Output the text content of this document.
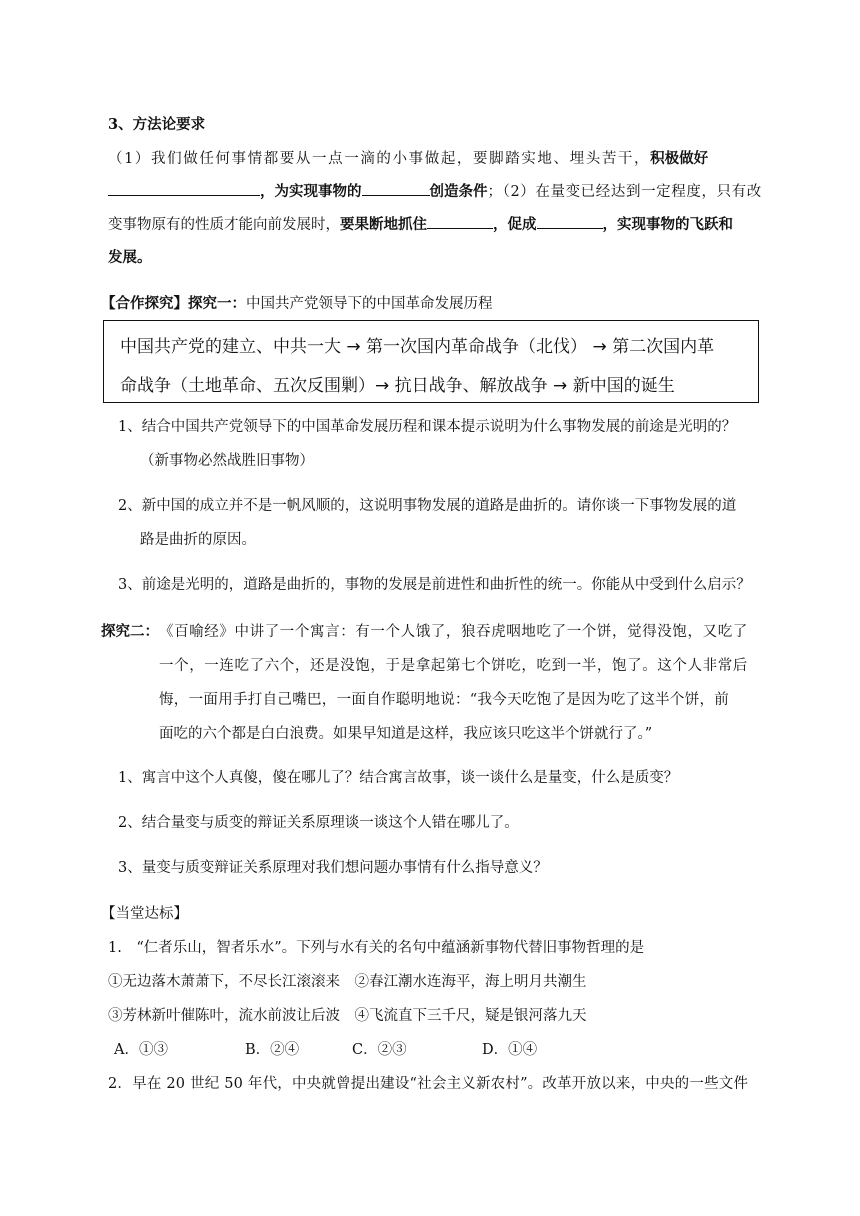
3、方法论要求
（1）我们做任何事情都要从一点一滴的小事做起，要脚踏实地、埋头苦干，积极做好
，为实现事物的	创造条件；（2）在量变已经达到一定程度，只有改
变事物原有的性质才能向前发展时，要果断地抓住	，促成	，实现事物的飞跃和
发展。
【合作探究】探究一：中国共产党领导下的中国革命发展历程
中国共产党的建立、中共一大 → 第一次国内革命战争（北伐） → 第二次国内革
命战争（土地革命、五次反围剿）→ 抗日战争、解放战争 → 新中国的诞生
1、结合中国共产党领导下的中国革命发展历程和课本提示说明为什么事物发展的前途是光明的？
（新事物必然战胜旧事物）
2、新中国的成立并不是一帆风顺的，这说明事物发展的道路是曲折的。请你谈一下事物发展的道
路是曲折的原因。
3、前途是光明的，道路是曲折的，事物的发展是前进性和曲折性的统一。你能从中受到什么启示？
探究二： 《百喻经》中讲了一个寓言：有一个人饿了，狼吞虎咽地吃了一个饼，觉得没饱，又吃了
一个，一连吃了六个，还是没饱，于是拿起第七个饼吃，吃到一半，饱了。这个人非常后
悔，一面用手打自己嘴巴，一面自作聪明地说：“我今天吃饱了是因为吃了这半个饼，前
面吃的六个都是白白浪费。如果早知道是这样，我应该只吃这半个饼就行了。”
1、寓言中这个人真傻，傻在哪儿了？结合寓言故事，谈一谈什么是量变，什么是质变？
2、结合量变与质变的辩证关系原理谈一谈这个人错在哪儿了。
3、量变与质变辩证关系原理对我们想问题办事情有什么指导意义？
【当堂达标】
1.　“仁者乐山，智者乐水”。下列与水有关的名句中蕴涵新事物代替旧事物哲理的是
①无边落木萧萧下，不尽长江滚滚来　②春江潮水连海平，海上明月共潮生
③芳林新叶催陈叶，流水前波让后波　④飞流直下三千尺，疑是银河落九天
A．①③	B．②④	C．②③	D．①④
2．早在 20 世纪 50 年代，中央就曾提出建设“社会主义新农村”。改革开放以来，中央的一些文件
